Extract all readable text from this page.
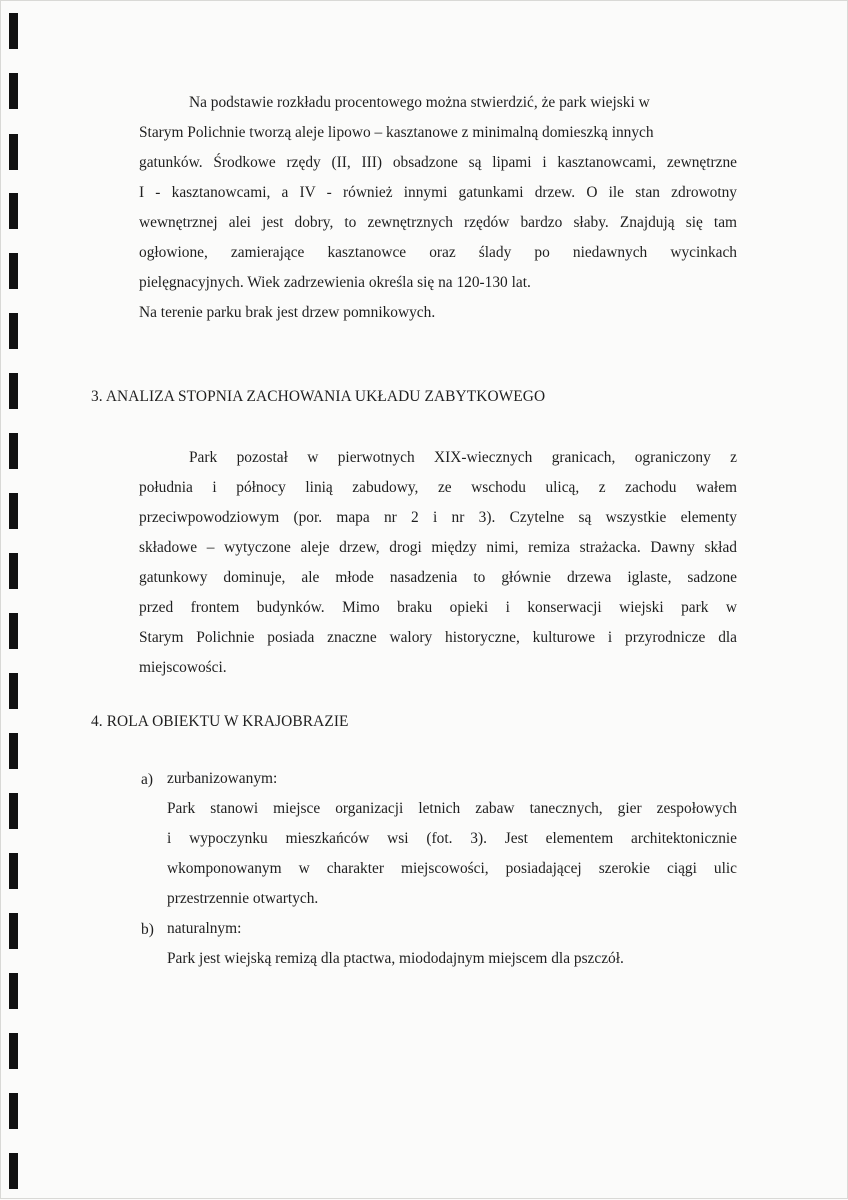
Na podstawie rozkładu procentowego można stwierdzić, że park wiejski w
Starym Polichnie tworzą aleje lipowo – kasztanowe z minimalną domieszką innych
gatunków. Środkowe rzędy (II, III) obsadzone są lipami i kasztanowcami, zewnętrzne
I - kasztanowcami, a IV - również innymi gatunkami drzew. O ile stan zdrowotny
wewnętrznej alei jest dobry, to zewnętrznych rzędów bardzo słaby. Znajdują się tam
ogłowione, zamierające kasztanowce oraz ślady po niedawnych wycinkach
pielęgnacyjnych. Wiek zadrzewienia określa się na 120-130 lat.
Na terenie parku brak jest drzew pomnikowych.
3. ANALIZA STOPNIA ZACHOWANIA UKŁADU ZABYTKOWEGO
Park pozostał w pierwotnych XIX-wiecznych granicach, ograniczony z
południa i północy linią zabudowy, ze wschodu ulicą, z zachodu wałem
przeciwpowodziowym (por. mapa nr 2 i nr 3). Czytelne są wszystkie elementy
składowe – wytyczone aleje drzew, drogi między nimi, remiza strażacka. Dawny skład
gatunkowy dominuje, ale młode nasadzenia to głównie drzewa iglaste, sadzone
przed frontem budynków. Mimo braku opieki i konserwacji wiejski park w
Starym Polichnie posiada znaczne walory historyczne, kulturowe i przyrodnicze dla
miejscowości.
4. ROLA OBIEKTU W KRAJOBRAZIE
a) zurbanizowanym:
Park stanowi miejsce organizacji letnich zabaw tanecznych, gier zespołowych
i wypoczynku mieszkańców wsi (fot. 3). Jest elementem architektonicznie
wkomponowanym w charakter miejscowości, posiadającej szerokie ciągi ulic
przestrzennie otwartych.
b) naturalnym:
Park jest wiejską remizą dla ptactwa, miododajnym miejscem dla pszczół.
